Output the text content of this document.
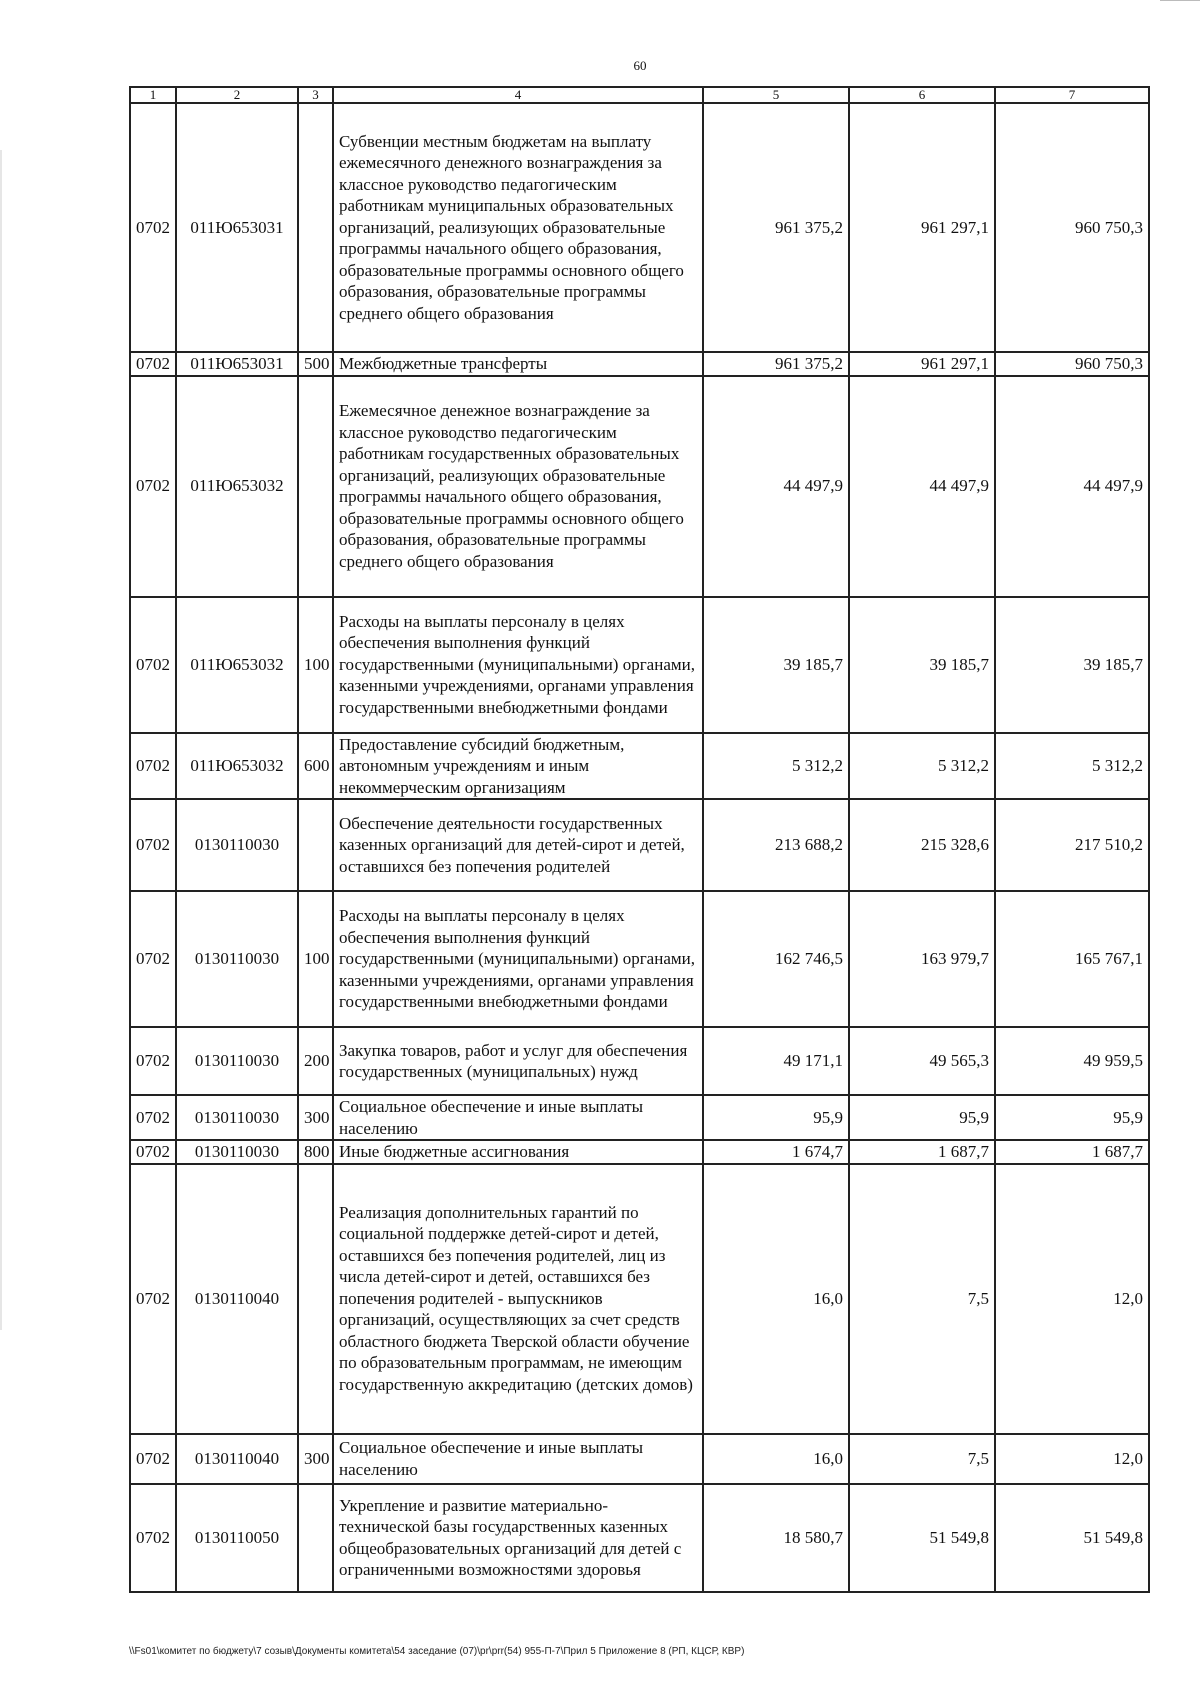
60
1	2	3	4	5	6	7
0702	011Ю653031		Субвенции местным бюджетам на выплату ежемесячного денежного вознаграждения за классное руководство педагогическим работникам муниципальных образовательных организаций, реализующих образовательные программы начального общего образования, образовательные программы основного общего образования, образовательные программы среднего общего образования	961 375,2	961 297,1	960 750,3
0702	011Ю653031	500	Межбюджетные трансферты	961 375,2	961 297,1	960 750,3
0702	011Ю653032		Ежемесячное денежное вознаграждение за классное руководство педагогическим работникам государственных образовательных организаций, реализующих образовательные программы начального общего образования, образовательные программы основного общего образования, образовательные программы среднего общего образования	44 497,9	44 497,9	44 497,9
0702	011Ю653032	100	Расходы на выплаты персоналу в целях обеспечения выполнения функций государственными (муниципальными) органами, казенными учреждениями, органами управления государственными внебюджетными фондами	39 185,7	39 185,7	39 185,7
0702	011Ю653032	600	Предоставление субсидий бюджетным, автономным учреждениям и иным некоммерческим организациям	5 312,2	5 312,2	5 312,2
0702	0130110030		Обеспечение деятельности государственных казенных организаций для детей-сирот и детей, оставшихся без попечения родителей	213 688,2	215 328,6	217 510,2
0702	0130110030	100	Расходы на выплаты персоналу в целях обеспечения выполнения функций государственными (муниципальными) органами, казенными учреждениями, органами управления государственными внебюджетными фондами	162 746,5	163 979,7	165 767,1
0702	0130110030	200	Закупка товаров, работ и услуг для обеспечения государственных (муниципальных) нужд	49 171,1	49 565,3	49 959,5
0702	0130110030	300	Социальное обеспечение и иные выплаты населению	95,9	95,9	95,9
0702	0130110030	800	Иные бюджетные ассигнования	1 674,7	1 687,7	1 687,7
0702	0130110040		Реализация дополнительных гарантий по социальной поддержке детей-сирот и детей, оставшихся без попечения родителей, лиц из числа детей-сирот и детей, оставшихся без попечения родителей - выпускников организаций, осуществляющих за счет средств областного бюджета Тверской области обучение по образовательным программам, не имеющим государственную аккредитацию (детских домов)	16,0	7,5	12,0
0702	0130110040	300	Социальное обеспечение и иные выплаты населению	16,0	7,5	12,0
0702	0130110050		Укрепление и развитие материально-технической базы государственных казенных общеобразовательных организаций для детей с ограниченными возможностями здоровья	18 580,7	51 549,8	51 549,8
\\Fs01\комитет по бюджету\7 созыв\Документы комитета\54 заседание (07)\pr\prr(54) 955-П-7\Прил 5 Приложение 8 (РП, КЦСР, КВР)
